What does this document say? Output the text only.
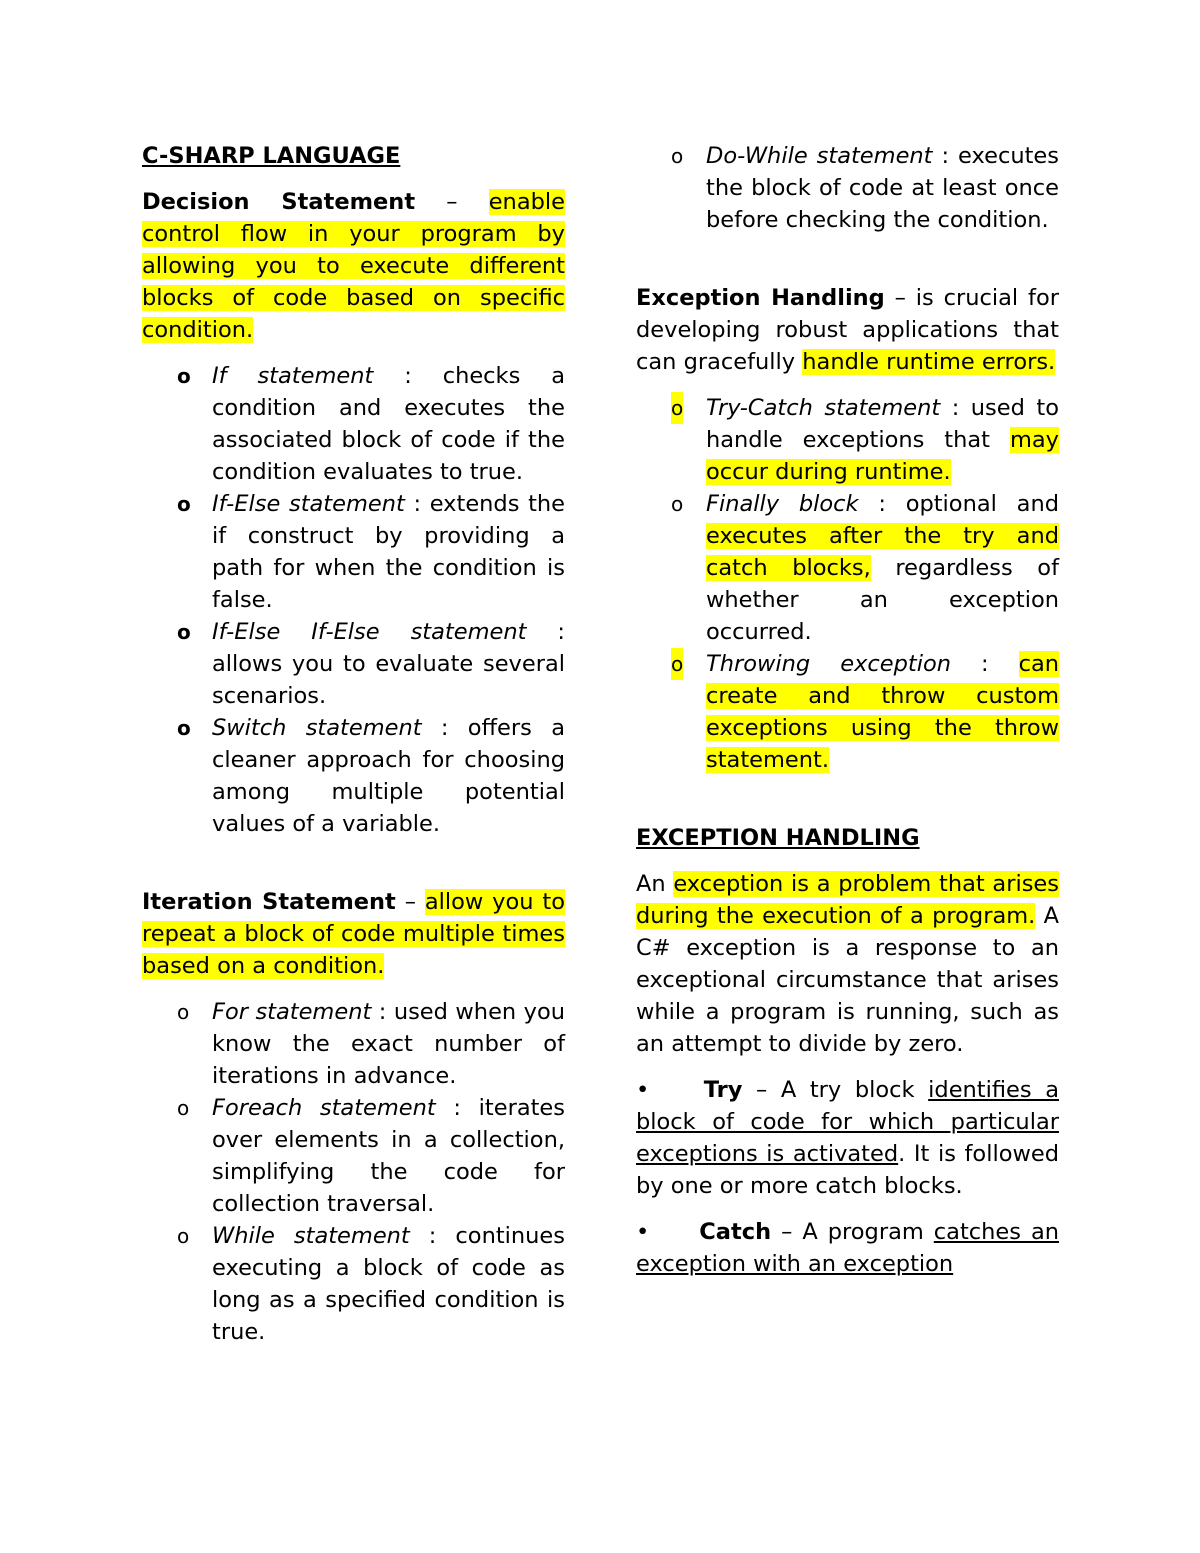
C-SHARP LANGUAGE

Decision Statement – enable control flow in your program by allowing you to execute different blocks of code based on specific condition.

o If statement : checks a condition and executes the associated block of code if the condition evaluates to true.
o If-Else statement : extends the if construct by providing a path for when the condition is false.
o If-Else If-Else statement : allows you to evaluate several scenarios.
o Switch statement : offers a cleaner approach for choosing among multiple potential values of a variable.

Iteration Statement – allow you to repeat a block of code multiple times based on a condition.

o For statement : used when you know the exact number of iterations in advance.
o Foreach statement : iterates over elements in a collection, simplifying the code for collection traversal.
o While statement : continues executing a block of code as long as a specified condition is true.
o Do-While statement : executes the block of code at least once before checking the condition.

Exception Handling – is crucial for developing robust applications that can gracefully handle runtime errors.

o Try-Catch statement : used to handle exceptions that may occur during runtime.
o Finally block : optional and executes after the try and catch blocks, regardless of whether an exception occurred.
o Throwing exception : can create and throw custom exceptions using the throw statement.

EXCEPTION HANDLING

An exception is a problem that arises during the execution of a program. A C# exception is a response to an exceptional circumstance that arises while a program is running, such as an attempt to divide by zero.

• Try – A try block identifies a block of code for which particular exceptions is activated. It is followed by one or more catch blocks.

• Catch – A program catches an exception with an exception
